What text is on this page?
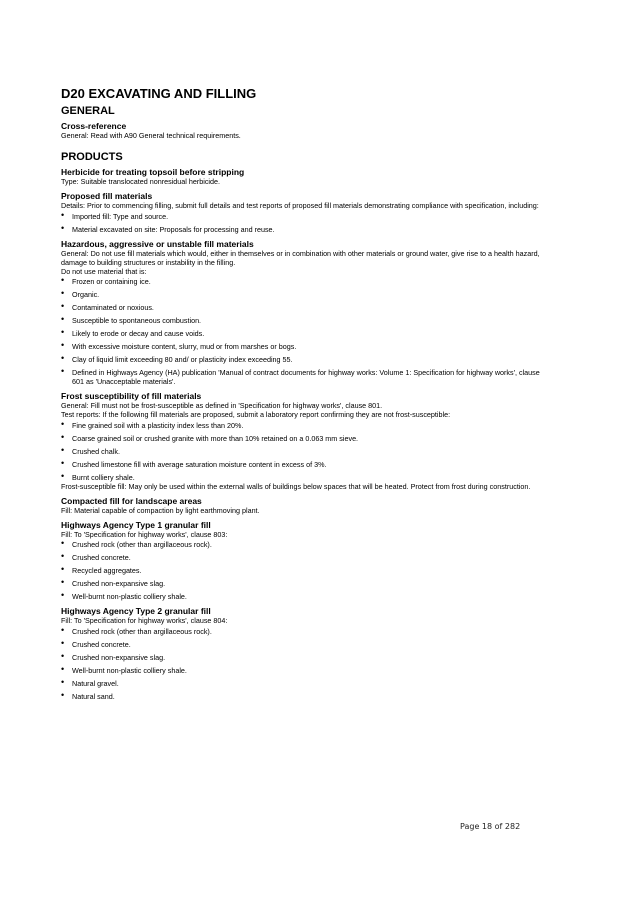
D20 EXCAVATING AND FILLING
GENERAL
Cross-reference

General: Read with A90 General technical requirements.

PRODUCTS
Herbicide for treating topsoil before stripping

Type: Suitable translocated nonresidual herbicide.

Proposed fill materials

Details: Prior to commencing filling, submit full details and test reports of proposed fill materials demonstrating compliance with specification, including:

• Imported fill: Type and source.
• Material excavated on site: Proposals for processing and reuse.
Hazardous, aggressive or unstable fill materials

General: Do not use fill materials which would, either in themselves or in combination with other materials or ground water, give rise to a health hazard, damage to building structures or instability in the filling.

Do not use material that is:

• Frozen or containing ice.
• Organic.
• Contaminated or noxious.
• Susceptible to spontaneous combustion.
• Likely to erode or decay and cause voids.
• With excessive moisture content, slurry, mud or from marshes or bogs.
• Clay of liquid limit exceeding 80 and/ or plasticity index exceeding 55.
• Defined in Highways Agency (HA) publication 'Manual of contract documents for highway works: Volume 1: Specification for highway works', clause 601 as 'Unacceptable materials'.
Frost susceptibility of fill materials

General: Fill must not be frost-susceptible as defined in 'Specification for highway works', clause 801.

Test reports: If the following fill materials are proposed, submit a laboratory report confirming they are not frost-susceptible:

• Fine grained soil with a plasticity index less than 20%.
• Coarse grained soil or crushed granite with more than 10% retained on a 0.063 mm sieve.
• Crushed chalk.
• Crushed limestone fill with average saturation moisture content in excess of 3%.
• Burnt colliery shale.

Frost-susceptible fill: May only be used within the external walls of buildings below spaces that will be heated. Protect from frost during construction.

Compacted fill for landscape areas

Fill: Material capable of compaction by light earthmoving plant.

Highways Agency Type 1 granular fill

Fill: To 'Specification for highway works', clause 803:

• Crushed rock (other than argillaceous rock).
• Crushed concrete.
• Recycled aggregates.
• Crushed non-expansive slag.
• Well-burnt non-plastic colliery shale.
Highways Agency Type 2 granular fill

Fill: To 'Specification for highway works', clause 804:

• Crushed rock (other than argillaceous rock).
• Crushed concrete.
• Crushed non-expansive slag.
• Well-burnt non-plastic colliery shale.
• Natural gravel.
• Natural sand.
Page 18 of 282
